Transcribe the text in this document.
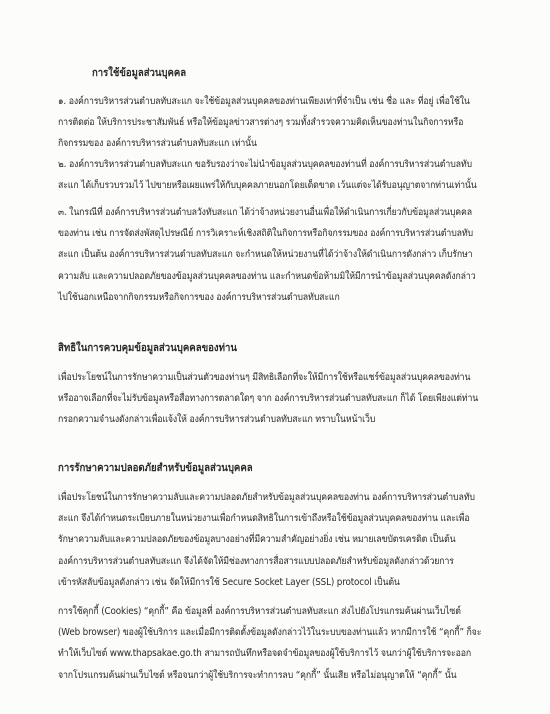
การใช้ข้อมูลส่วนบุคคล
๑. องค์การบริหารส่วนตำบลทับสะแก จะใช้ข้อมูลส่วนบุคคลของท่านเพียงเท่าที่จำเป็น เช่น ชื่อ และ ที่อยู่ เพื่อใช้ใน
การติดต่อ ให้บริการประชาสัมพันธ์ หรือให้ข้อมูลข่าวสารต่างๆ รวมทั้งสำรวจความคิดเห็นของท่านในกิจการหรือ
กิจกรรมของ องค์การบริหารส่วนตำบลทับสะแก เท่านั้น
๒. องค์การบริหารส่วนตำบลทับสะแก ขอรับรองว่าจะไม่นำข้อมูลส่วนบุคคลของท่านที่ องค์การบริหารส่วนตำบลทับ
สะแก ได้เก็บรวบรวมไว้ ไปขายหรือเผยแพร่ให้กับบุคคลภายนอกโดยเด็ดขาด เว้นแต่จะได้รับอนุญาตจากท่านเท่านั้น
๓. ในกรณีที่ องค์การบริหารส่วนตำบลวังทับสะแก ได้ว่าจ้างหน่วยงานอื่นเพื่อให้ดำเนินการเกี่ยวกับข้อมูลส่วนบุคคล
ของท่าน เช่น การจัดส่งพัสดุไปรษณีย์ การวิเคราะห์เชิงสถิติในกิจการหรือกิจกรรมของ องค์การบริหารส่วนตำบลทับ
สะแก เป็นต้น องค์การบริหารส่วนตำบลทับสะแก จะกำหนดให้หน่วยงานที่ได้ว่าจ้างให้ดำเนินการดังกล่าว เก็บรักษา
ความลับ และความปลอดภัยของข้อมูลส่วนบุคคลของท่าน และกำหนดข้อห้ามมิให้มีการนำข้อมูลส่วนบุคคลดังกล่าว
ไปใช้นอกเหนือจากกิจกรรมหรือกิจการของ องค์การบริหารส่วนตำบลทับสะแก
สิทธิในการควบคุมข้อมูลส่วนบุคคลของท่าน
เพื่อประโยชน์ในการรักษาความเป็นส่วนตัวของท่านๆ มีสิทธิเลือกที่จะให้มีการใช้หรือแชร์ข้อมูลส่วนบุคคลของท่าน
หรืออาจเลือกที่จะไม่รับข้อมูลหรือสื่อทางการตลาดใดๆ จาก องค์การบริหารส่วนตำบลทับสะแก ก็ได้ โดยเพียงแต่ท่าน
กรอกความจำนงดังกล่าวเพื่อแจ้งให้ องค์การบริหารส่วนตำบลทับสะแก ทราบในหน้าเว็บ
การรักษาความปลอดภัยสำหรับข้อมูลส่วนบุคคล
เพื่อประโยชน์ในการรักษาความลับและความปลอดภัยสำหรับข้อมูลส่วนบุคคลของท่าน องค์การบริหารส่วนตำบลทับ
สะแก จึงได้กำหนดระเบียบภายในหน่วยงานเพื่อกำหนดสิทธิในการเข้าถึงหรือใช้ข้อมูลส่วนบุคคลของท่าน และเพื่อ
รักษาความลับและความปลอดภัยของข้อมูลบางอย่างที่มีความสำคัญอย่างยิ่ง เช่น หมายเลขบัตรเครดิต เป็นต้น
องค์การบริหารส่วนตำบลทับสะแก จึงได้จัดให้มีช่องทางการสื่อสารแบบปลอดภัยสำหรับข้อมูลดังกล่าวด้วยการ
เข้ารหัสลับข้อมูลดังกล่าว เช่น จัดให้มีการใช้ Secure Socket Layer (SSL) protocol เป็นต้น
การใช้คุกกี้ (Cookies) “คุกกี้” คือ ข้อมูลที่ องค์การบริหารส่วนตำบลทับสะแก ส่งไปยังโปรแกรมค้นผ่านเว็บไซต์
(Web browser) ของผู้ใช้บริการ และเมื่อมีการติดตั้งข้อมูลดังกล่าวไว้ในระบบของท่านแล้ว หากมีการใช้ “คุกกี้” ก็จะ
ทำให้เว็บไซต์ www.thapsakae.go.th สามารถบันทึกหรือจดจำข้อมูลของผู้ใช้บริการไว้ จนกว่าผู้ใช้บริการจะออก
จากโปรแกรมค้นผ่านเว็บไซต์ หรือจนกว่าผู้ใช้บริการจะทำการลบ “คุกกี้” นั้นเสีย หรือไม่อนุญาตให้ “คุกกี้” นั้น
